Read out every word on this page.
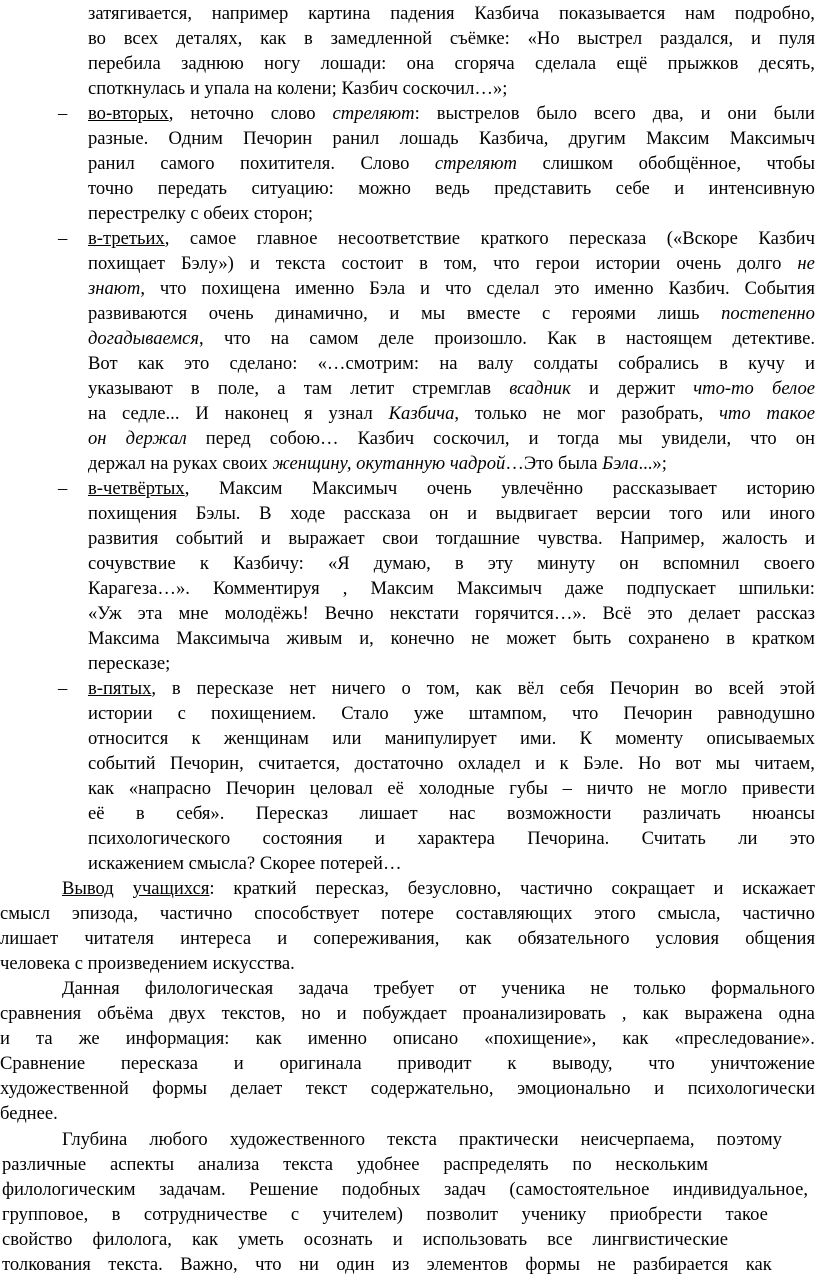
затягивается, например картина падения Казбича показывается нам подробно,
во всех деталях, как в замедленной съёмке: «Но выстрел раздался, и пуля
перебила заднюю ногу лошади: она сгоряча сделала ещё прыжков десять,
споткнулась и упала на колени; Казбич соскочил…»;
– во-вторых, неточно слово стреляют: выстрелов было всего два, и они были
разные. Одним Печорин ранил лошадь Казбича, другим Максим Максимыч
ранил самого похитителя. Слово стреляют слишком обобщённое, чтобы
точно передать ситуацию: можно ведь представить себе и интенсивную
перестрелку с обеих сторон;
– в-третьих, самое главное несоответствие краткого пересказа («Вскоре Казбич
похищает Бэлу») и текста состоит в том, что герои истории очень долго не
знают, что похищена именно Бэла и что сделал это именно Казбич. События
развиваются очень динамично, и мы вместе с героями лишь постепенно
догадываемся, что на самом деле произошло. Как в настоящем детективе.
Вот как это сделано: «…смотрим: на валу солдаты собрались в кучу и
указывают в поле, а там летит стремглав всадник и держит что-то белое
на седле... И наконец я узнал Казбича, только не мог разобрать, что такое
он держал перед собою… Казбич соскочил, и тогда мы увидели, что он
держал на руках своих женщину, окутанную чадрой…Это была Бэла...»;
– в-четвёртых, Максим Максимыч очень увлечённо рассказывает историю
похищения Бэлы. В ходе рассказа он и выдвигает версии того или иного
развития событий и выражает свои тогдашние чувства. Например, жалость и
сочувствие к Казбичу: «Я думаю, в эту минуту он вспомнил своего
Карагеза…». Комментируя , Максим Максимыч даже подпускает шпильки:
«Уж эта мне молодёжь! Вечно некстати горячится…». Всё это делает рассказ
Максима Максимыча живым и, конечно не может быть сохранено в кратком
пересказе;
– в-пятых, в пересказе нет ничего о том, как вёл себя Печорин во всей этой
истории с похищением. Стало уже штампом, что Печорин равнодушно
относится к женщинам или манипулирует ими. К моменту описываемых
событий Печорин, считается, достаточно охладел и к Бэле. Но вот мы читаем,
как «напрасно Печорин целовал её холодные губы – ничто не могло привести
её в себя». Пересказ лишает нас возможности различать нюансы
психологического состояния и характера Печорина. Считать ли это
искажением смысла? Скорее потерей…
Вывод учащихся: краткий пересказ, безусловно, частично сокращает и искажает
смысл эпизода, частично способствует потере составляющих этого смысла, частично
лишает читателя интереса и сопереживания, как обязательного условия общения
человека с произведением искусства.
Данная филологическая задача требует от ученика не только формального
сравнения объёма двух текстов, но и побуждает проанализировать , как выражена одна
и та же информация: как именно описано «похищение», как «преследование».
Сравнение пересказа и оригинала приводит к выводу, что уничтожение
художественной формы делает текст содержательно, эмоционально и психологически
беднее.
Глубина любого художественного текста практически неисчерпаема, поэтому
различные аспекты анализа текста удобнее распределять по нескольким
филологическим задачам. Решение подобных задач (самостоятельное индивидуальное,
групповое, в сотрудничестве с учителем) позволит ученику приобрести такое
свойство филолога, как уметь осознать и использовать все лингвистические
толкования текста. Важно, что ни один из элементов формы не разбирается как
